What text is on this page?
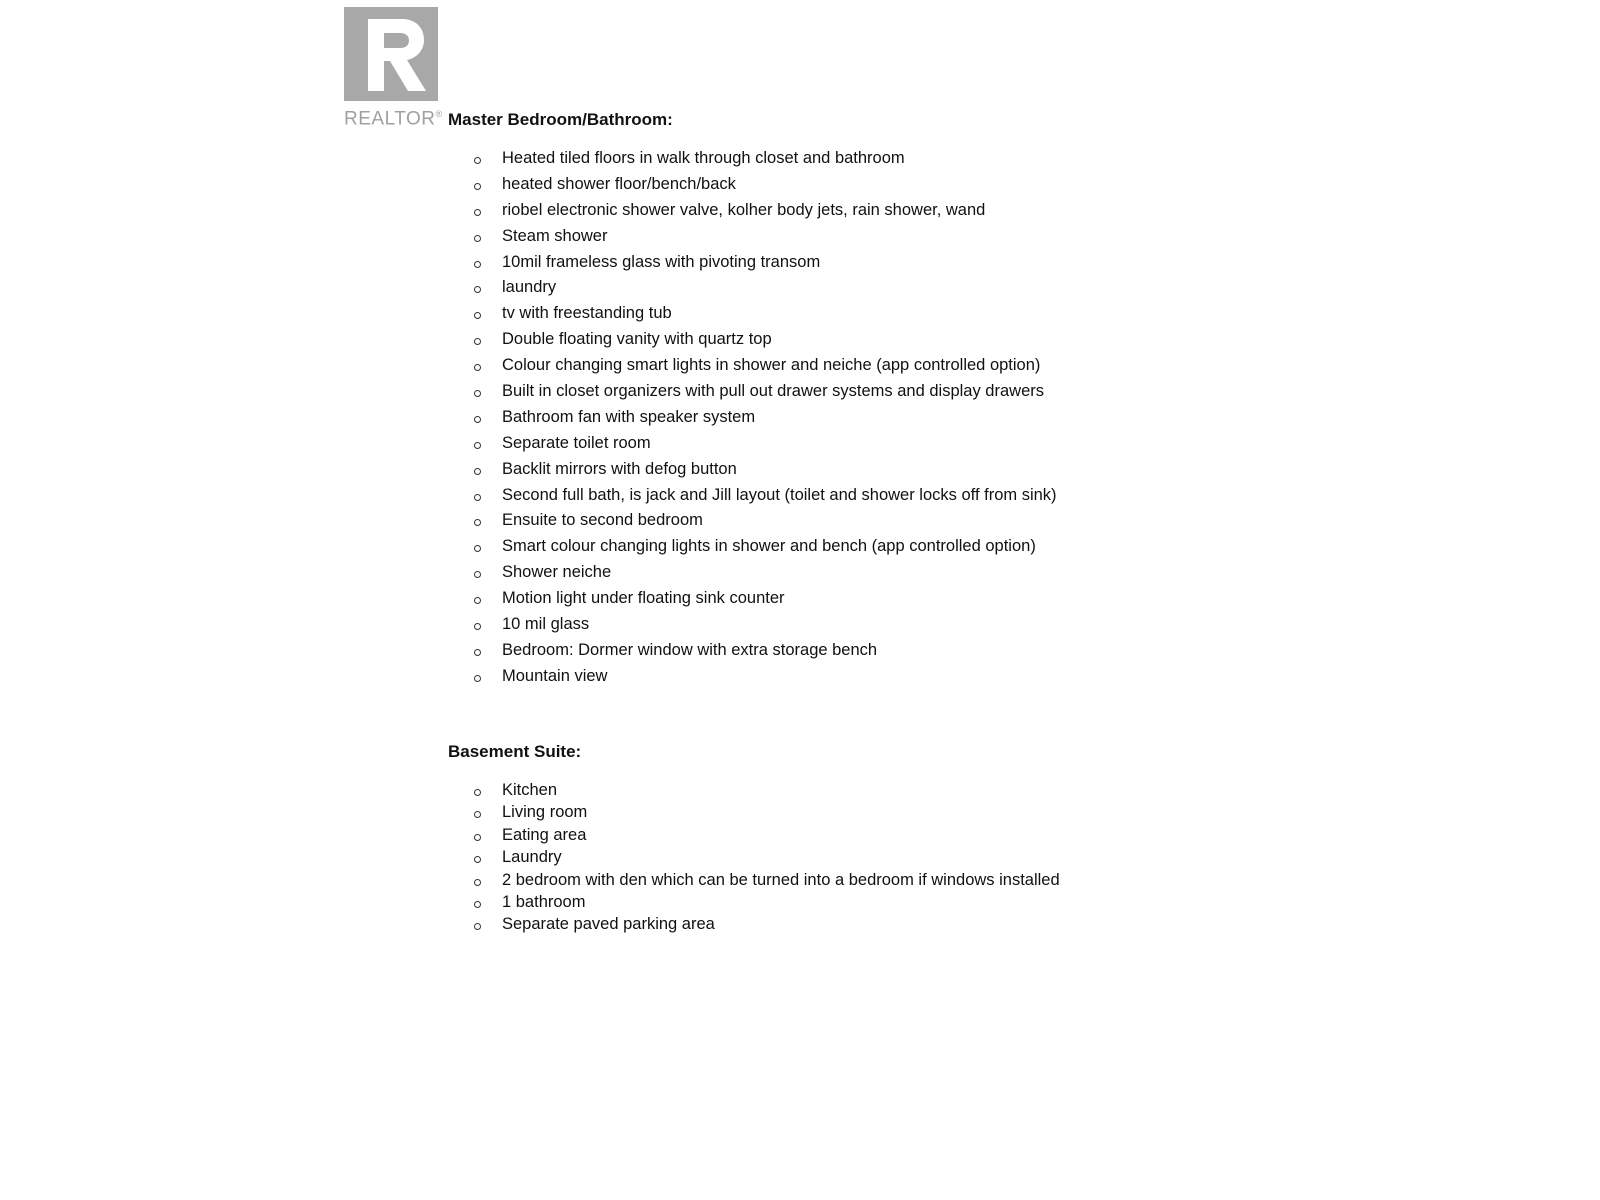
REALTOR® Master Bedroom/Bathroom:
Heated tiled floors in walk through closet and bathroom
heated shower floor/bench/back
riobel electronic shower valve, kolher body jets, rain shower, wand
Steam shower
10mil frameless glass with pivoting transom
laundry
tv with freestanding tub
Double floating vanity with quartz top
Colour changing smart lights in shower and neiche (app controlled option)
Built in closet organizers with pull out drawer systems and display drawers
Bathroom fan with speaker system
Separate toilet room
Backlit mirrors with defog button
Second full bath, is jack and Jill layout (toilet and shower locks off from sink)
Ensuite to second bedroom
Smart colour changing lights in shower and bench (app controlled option)
Shower neiche
Motion light under floating sink counter
10 mil glass
Bedroom: Dormer window with extra storage bench
Mountain view
Basement Suite:
Kitchen
Living room
Eating area
Laundry
2 bedroom with den which can be turned into a bedroom if windows installed
1 bathroom
Separate paved parking area
